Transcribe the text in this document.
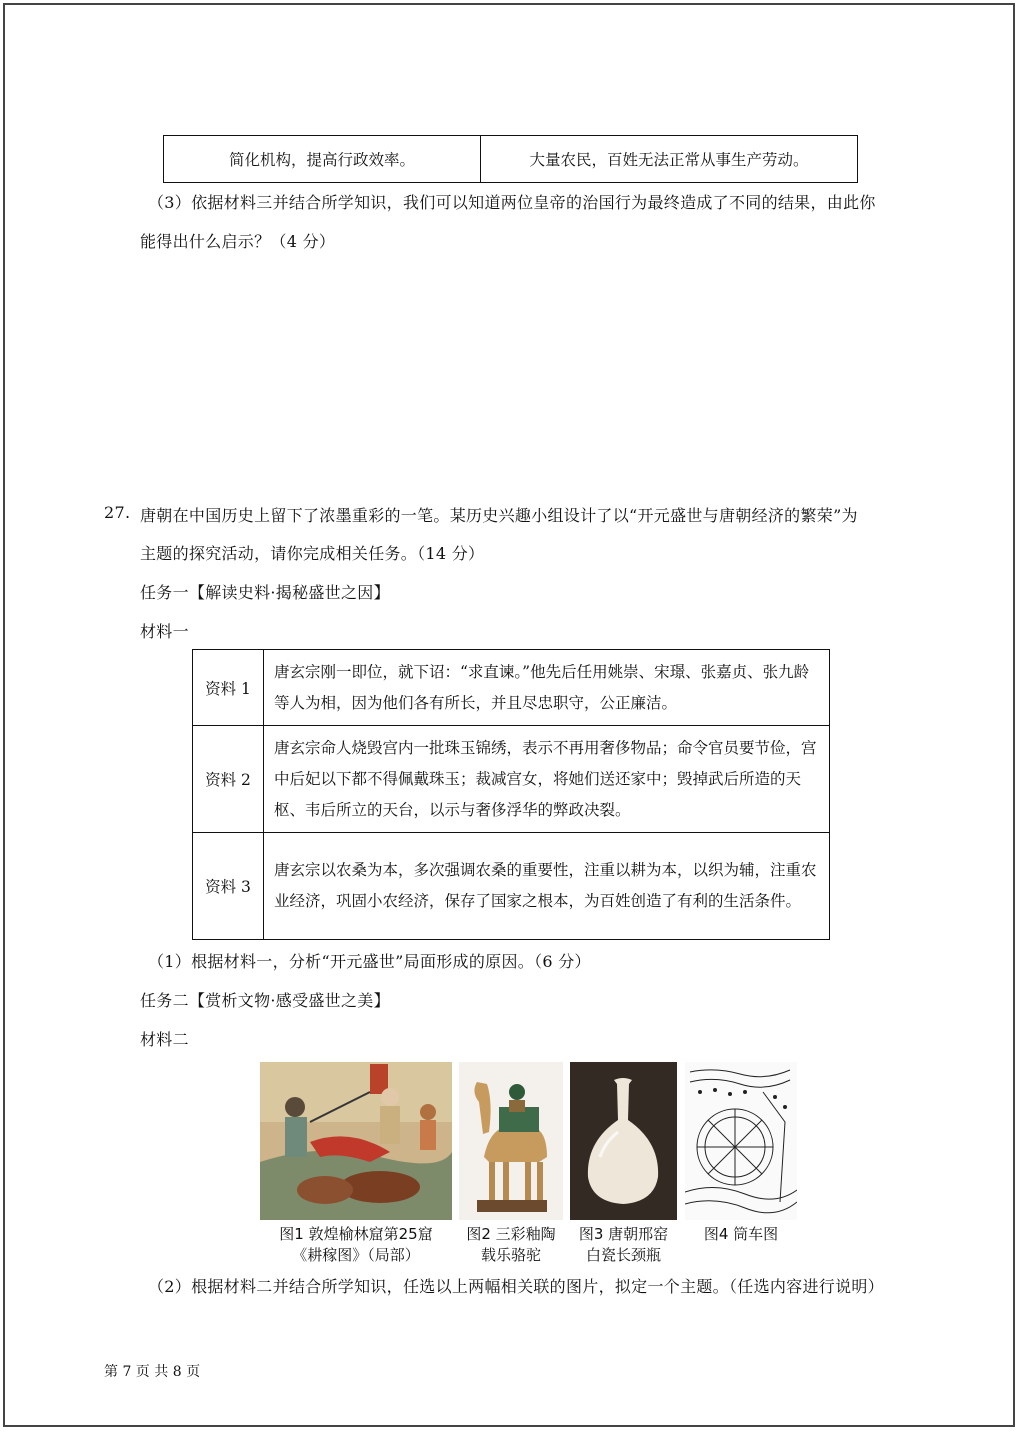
简化机构，提高行政效率。	大量农民，百姓无法正常从事生产劳动。
（3）依据材料三并结合所学知识，我们可以知道两位皇帝的治国行为最终造成了不同的结果，由此你
能得出什么启示？（4 分）
27. 唐朝在中国历史上留下了浓墨重彩的一笔。某历史兴趣小组设计了以“开元盛世与唐朝经济的繁荣”为
主题的探究活动，请你完成相关任务。（14 分）
任务一【解读史料·揭秘盛世之因】
材料一
资料 1	唐玄宗刚一即位，就下诏：“求直谏。”他先后任用姚崇、宋璟、张嘉贞、张九龄等人为相，因为他们各有所长，并且尽忠职守，公正廉洁。
资料 2	唐玄宗命人烧毁宫内一批珠玉锦绣，表示不再用奢侈物品；命令官员要节俭，宫中后妃以下都不得佩戴珠玉；裁减宫女，将她们送还家中；毁掉武后所造的天枢、韦后所立的天台，以示与奢侈浮华的弊政决裂。
资料 3	唐玄宗以农桑为本，多次强调农桑的重要性，注重以耕为本，以织为辅，注重农业经济，巩固小农经济，保存了国家之根本，为百姓创造了有利的生活条件。
（1）根据材料一，分析“开元盛世”局面形成的原因。（6 分）
任务二【赏析文物·感受盛世之美】
材料二
图1 敦煌榆林窟第25窟
《耕稼图》（局部）
图2 三彩釉陶
载乐骆驼
图3 唐朝邢窑
白瓷长颈瓶
图4 筒车图
（2）根据材料二并结合所学知识，任选以上两幅相关联的图片，拟定一个主题。（任选内容进行说明）
第 7 页 共 8 页
